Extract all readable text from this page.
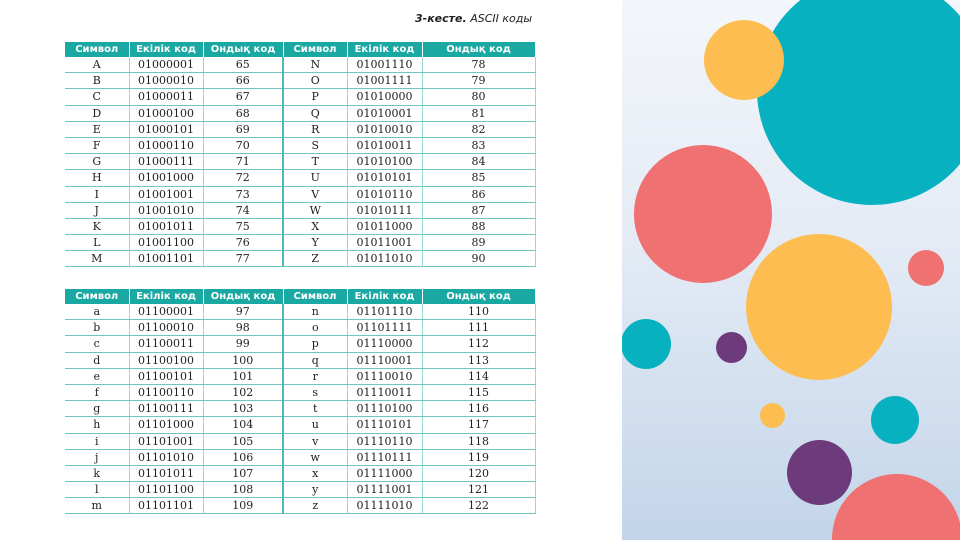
3-кесте. ASCII коды
Символ	Екілік код	Ондық код	Символ	Екілік код	Ондық код
A	01000001	65	N	01001110	78
B	01000010	66	O	01001111	79
C	01000011	67	P	01010000	80
D	01000100	68	Q	01010001	81
E	01000101	69	R	01010010	82
F	01000110	70	S	01010011	83
G	01000111	71	T	01010100	84
H	01001000	72	U	01010101	85
I	01001001	73	V	01010110	86
J	01001010	74	W	01010111	87
K	01001011	75	X	01011000	88
L	01001100	76	Y	01011001	89
M	01001101	77	Z	01011010	90
Символ	Екілік код	Ондық код	Символ	Екілік код	Ондық код
a	01100001	97	n	01101110	110
b	01100010	98	o	01101111	111
c	01100011	99	p	01110000	112
d	01100100	100	q	01110001	113
e	01100101	101	r	01110010	114
f	01100110	102	s	01110011	115
g	01100111	103	t	01110100	116
h	01101000	104	u	01110101	117
i	01101001	105	v	01110110	118
j	01101010	106	w	01110111	119
k	01101011	107	x	01111000	120
l	01101100	108	y	01111001	121
m	01101101	109	z	01111010	122
